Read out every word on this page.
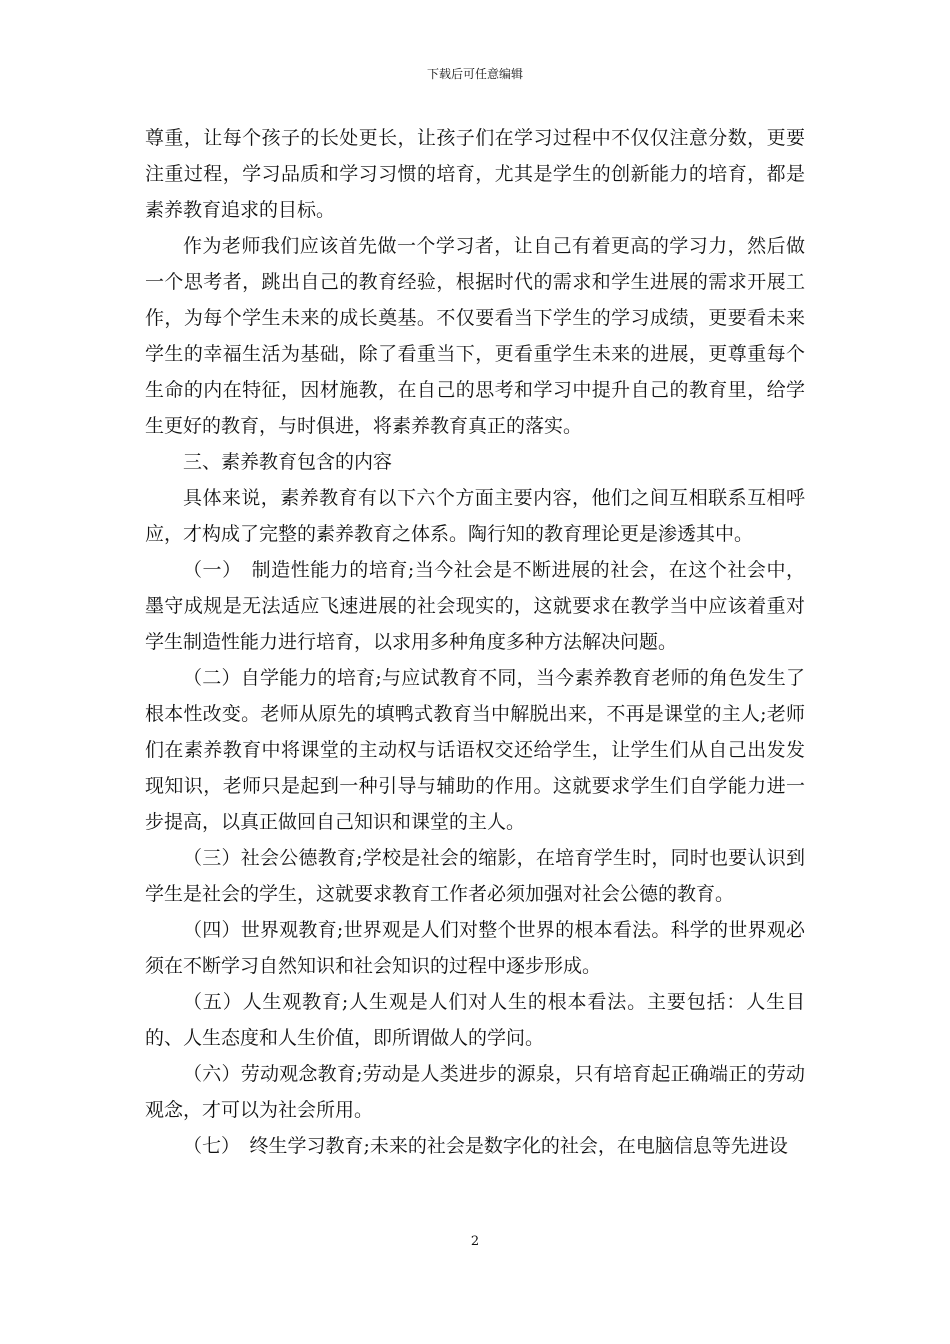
下载后可任意编辑

尊重，让每个孩子的长处更长，让孩子们在学习过程中不仅仅注意分数，更要注重过程，学习品质和学习习惯的培育，尤其是学生的创新能力的培育，都是素养教育追求的目标。

作为老师我们应该首先做一个学习者，让自己有着更高的学习力，然后做一个思考者，跳出自己的教育经验，根据时代的需求和学生进展的需求开展工作，为每个学生未来的成长奠基。不仅要看当下学生的学习成绩，更要看未来学生的幸福生活为基础，除了看重当下，更看重学生未来的进展，更尊重每个生命的内在特征，因材施教，在自己的思考和学习中提升自己的教育里，给学生更好的教育，与时俱进，将素养教育真正的落实。

三、素养教育包含的内容

具体来说，素养教育有以下六个方面主要内容，他们之间互相联系互相呼应，才构成了完整的素养教育之体系。陶行知的教育理论更是渗透其中。

（一）　制造性能力的培育;当今社会是不断进展的社会，在这个社会中，墨守成规是无法适应飞速进展的社会现实的，这就要求在教学当中应该着重对学生制造性能力进行培育，以求用多种角度多种方法解决问题。

（二）自学能力的培育;与应试教育不同，当今素养教育老师的角色发生了根本性改变。老师从原先的填鸭式教育当中解脱出来，不再是课堂的主人;老师们在素养教育中将课堂的主动权与话语权交还给学生，让学生们从自己出发发现知识，老师只是起到一种引导与辅助的作用。这就要求学生们自学能力进一步提高，以真正做回自己知识和课堂的主人。

（三）社会公德教育;学校是社会的缩影，在培育学生时，同时也要认识到学生是社会的学生，这就要求教育工作者必须加强对社会公德的教育。

（四）世界观教育;世界观是人们对整个世界的根本看法。科学的世界观必须在不断学习自然知识和社会知识的过程中逐步形成。

（五）人生观教育;人生观是人们对人生的根本看法。主要包括：人生目的、人生态度和人生价值，即所谓做人的学问。

（六）劳动观念教育;劳动是人类进步的源泉，只有培育起正确端正的劳动观念，才可以为社会所用。

（七）　终生学习教育;未来的社会是数字化的社会，在电脑信息等先进设

2
